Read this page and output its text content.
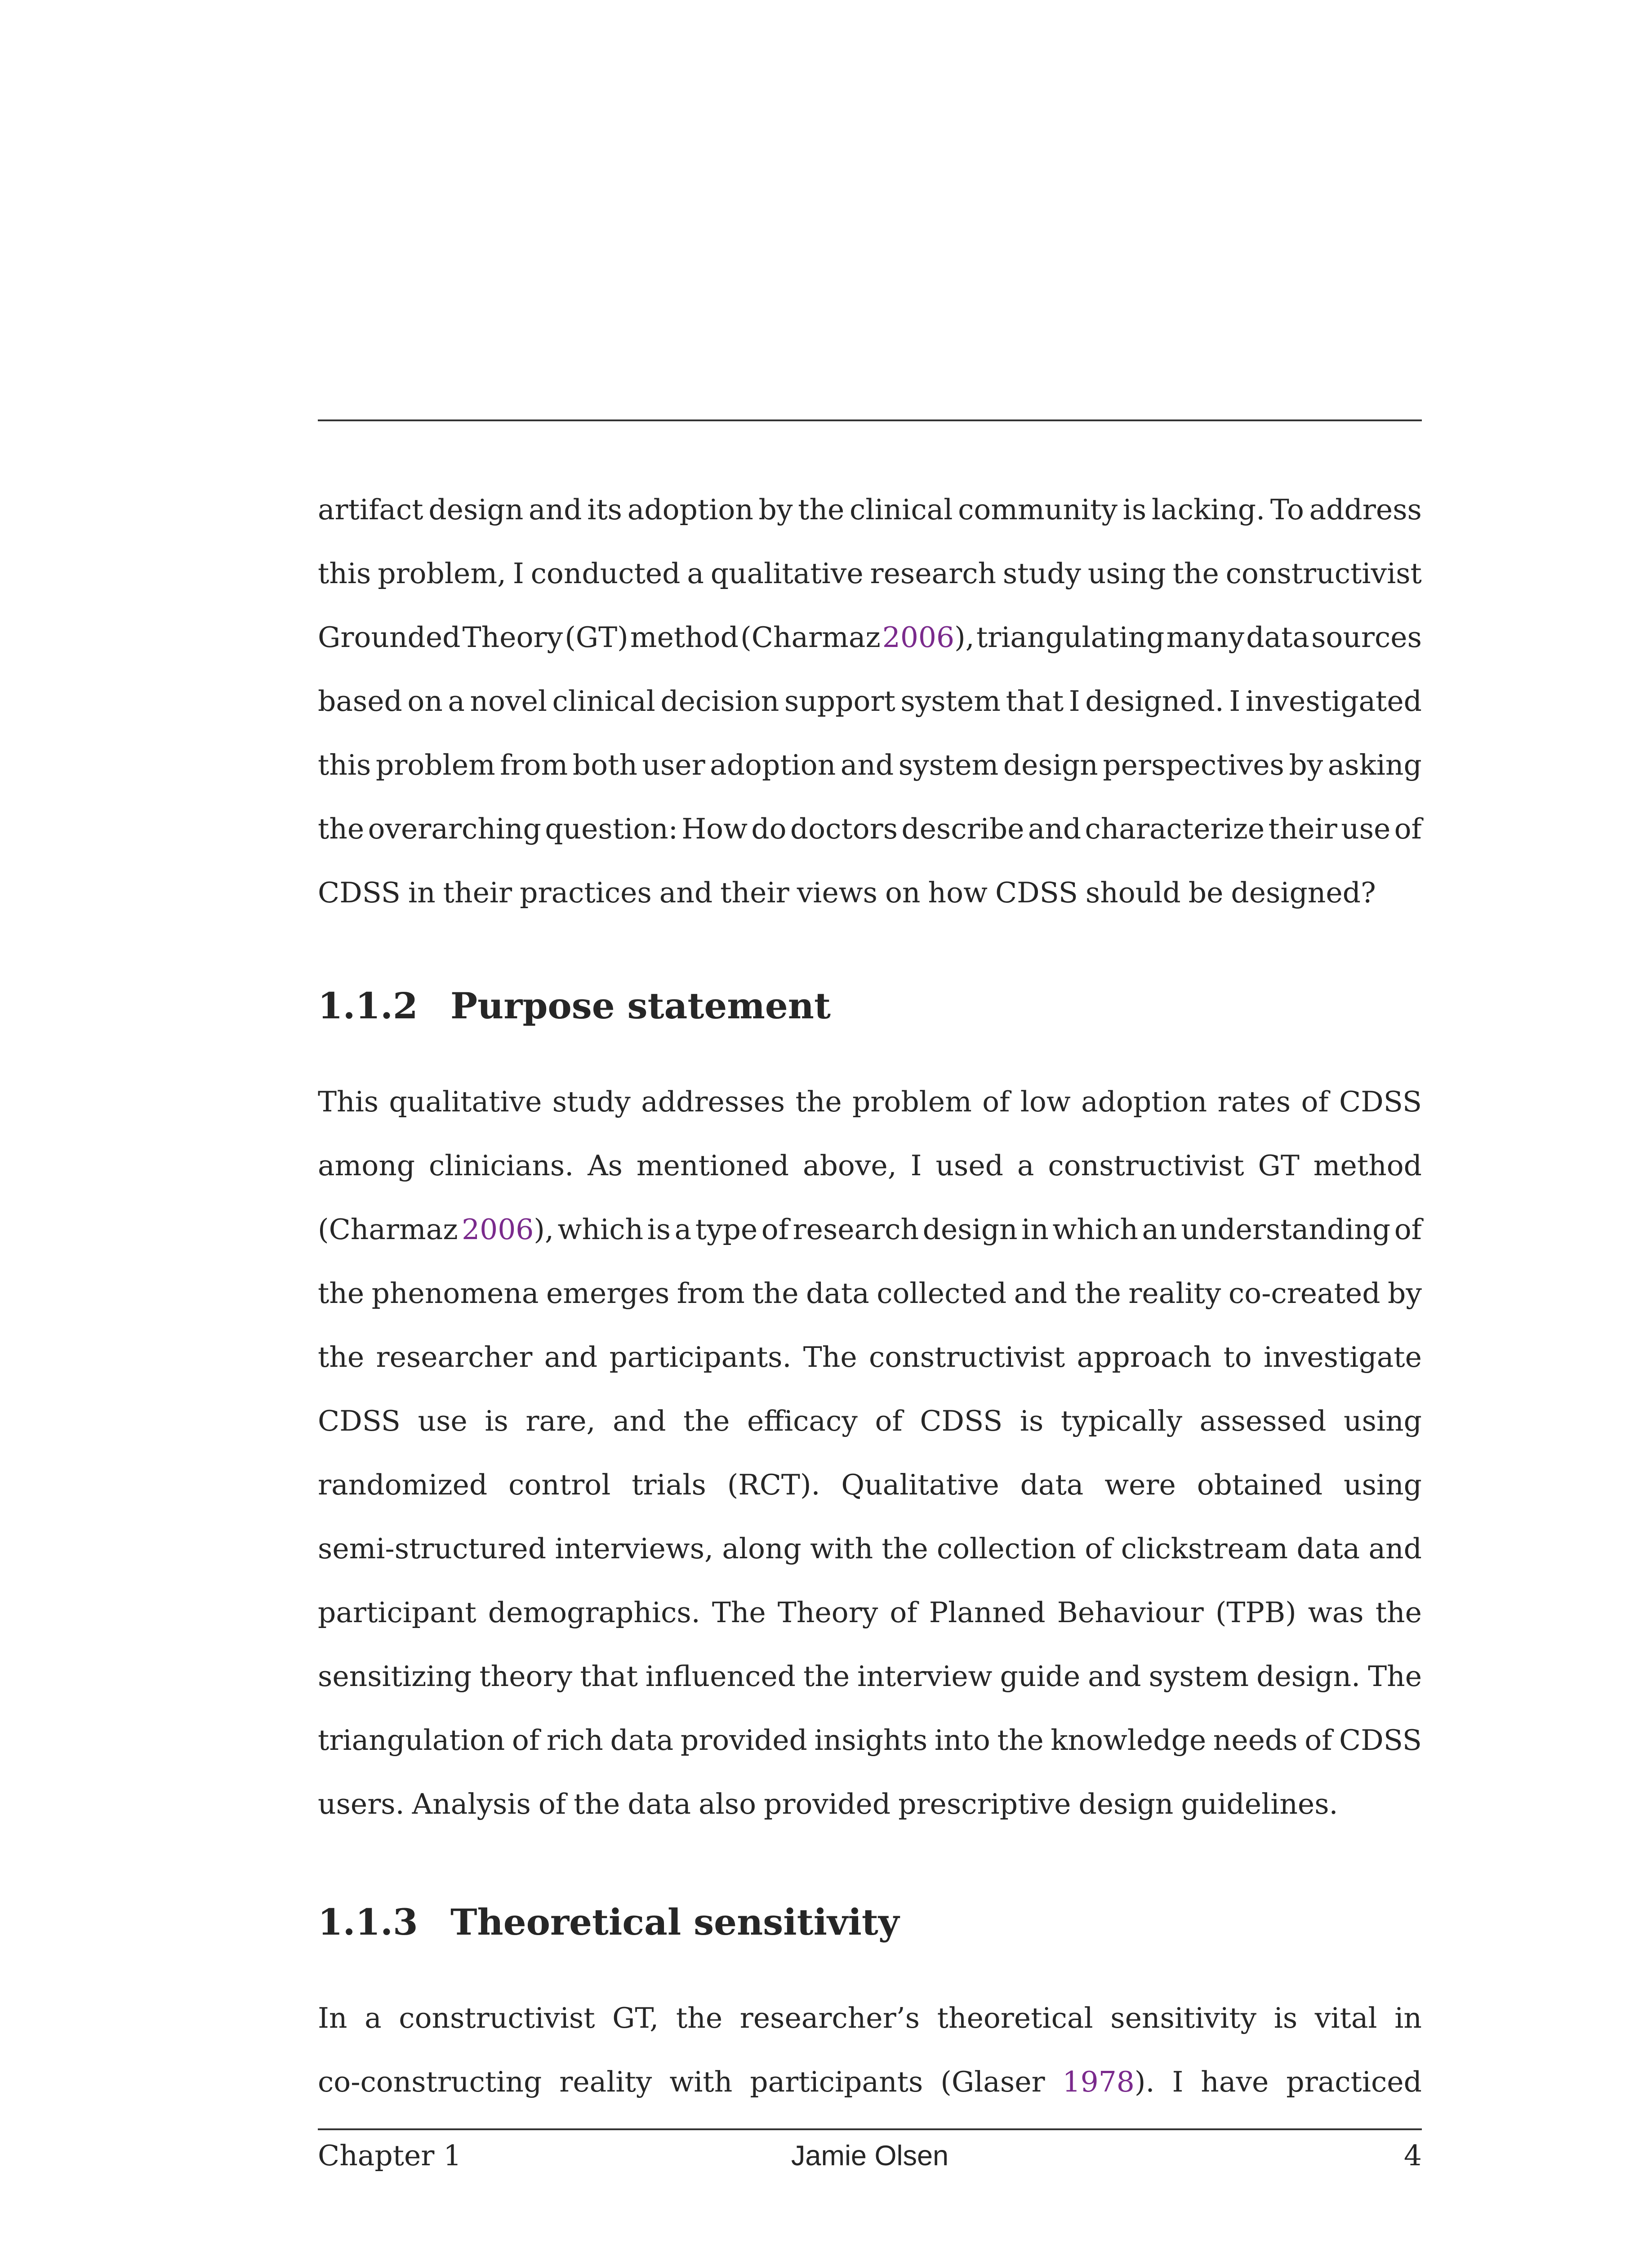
artifact design and its adoption by the clinical community is lacking. To address
this problem, I conducted a qualitative research study using the constructivist
Grounded Theory (GT) method (Charmaz 2006), triangulating many data sources
based on a novel clinical decision support system that I designed. I investigated
this problem from both user adoption and system design perspectives by asking
the overarching question: How do doctors describe and characterize their use of
CDSS in their practices and their views on how CDSS should be designed?
1.1.2 Purpose statement
This qualitative study addresses the problem of low adoption rates of CDSS
among clinicians. As mentioned above, I used a constructivist GT method
(Charmaz 2006), which is a type of research design in which an understanding of
the phenomena emerges from the data collected and the reality co-created by
the researcher and participants. The constructivist approach to investigate
CDSS use is rare, and the efficacy of CDSS is typically assessed using
randomized control trials (RCT). Qualitative data were obtained using
semi-structured interviews, along with the collection of clickstream data and
participant demographics. The Theory of Planned Behaviour (TPB) was the
sensitizing theory that influenced the interview guide and system design. The
triangulation of rich data provided insights into the knowledge needs of CDSS
users. Analysis of the data also provided prescriptive design guidelines.
1.1.3 Theoretical sensitivity
In a constructivist GT, the researcher’s theoretical sensitivity is vital in
co-constructing reality with participants (Glaser 1978). I have practiced
Chapter 1	Jamie Olsen	4
